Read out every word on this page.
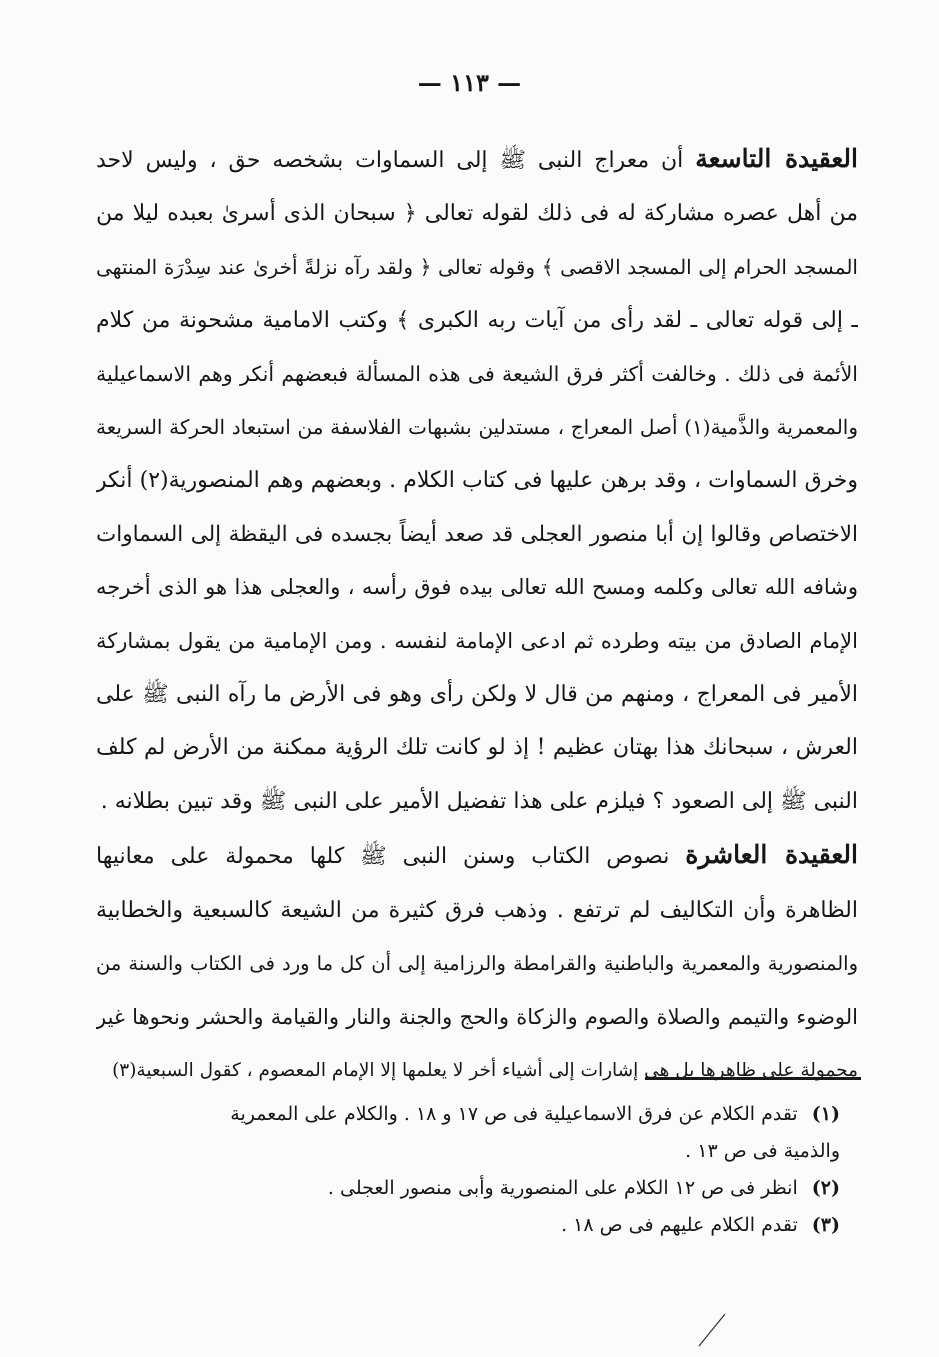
— ١١٣ —
العقيدة التاسعة أن معراج النبى ﷺ إلى السماوات بشخصه حق ، وليس لاحد
من أهل عصره مشاركة له فى ذلك لقوله تعالى ﴿ سبحان الذى أسرىٰ بعبده ليلا من
المسجد الحرام إلى المسجد الاقصى ﴾ وقوله تعالى ﴿ ولقد رآه نزلةً أخرىٰ عند سِدْرَة المنتهى
ـ إلى قوله تعالى ـ لقد رأى من آيات ربه الكبرى ﴾ وكتب الامامية مشحونة من كلام
الأئمة فى ذلك . وخالفت أكثر فرق الشيعة فى هذه المسألة فبعضهم أنكر وهم الاسماعيلية
والمعمرية والذَّمية(١) أصل المعراج ، مستدلين بشبهات الفلاسفة من استبعاد الحركة السريعة
وخرق السماوات ، وقد برهن عليها فى كتاب الكلام . وبعضهم وهم المنصورية(٢) أنكر
الاختصاص وقالوا إن أبا منصور العجلى قد صعد أيضاً بجسده فى اليقظة إلى السماوات
وشافه الله تعالى وكلمه ومسح الله تعالى بيده فوق رأسه ، والعجلى هذا هو الذى أخرجه
الإمام الصادق من بيته وطرده ثم ادعى الإمامة لنفسه . ومن الإمامية من يقول بمشاركة
الأمير فى المعراج ، ومنهم من قال لا ولكن رأى وهو فى الأرض ما رآه النبى ﷺ على
العرش ، سبحانك هذا بهتان عظيم ! إذ لو كانت تلك الرؤية ممكنة من الأرض لم كلف
النبى ﷺ إلى الصعود ؟ فيلزم على هذا تفضيل الأمير على النبى ﷺ وقد تبين بطلانه .
العقيدة العاشرة نصوص الكتاب وسنن النبى ﷺ كلها محمولة على معانيها
الظاهرة وأن التكاليف لم ترتفع . وذهب فرق كثيرة من الشيعة كالسبعية والخطابية
والمنصورية والمعمرية والباطنية والقرامطة والرزامية إلى أن كل ما ورد فى الكتاب والسنة من
الوضوء والتيمم والصلاة والصوم والزكاة والحج والجنة والنار والقيامة والحشر ونحوها غير
محمولة على ظاهرها بل هى إشارات إلى أشياء أخر لا يعلمها إلا الإمام المعصوم ، كقول السبعية(٣)
(١) تقدم الكلام عن فرق الاسماعيلية فى ص ١٧ و ١٨ . والكلام على المعمرية
والذمية فى ص ١٣ .
(٢) انظر فى ص ١٢ الكلام على المنصورية وأبى منصور العجلى .
(٣) تقدم الكلام عليهم فى ص ١٨ .
